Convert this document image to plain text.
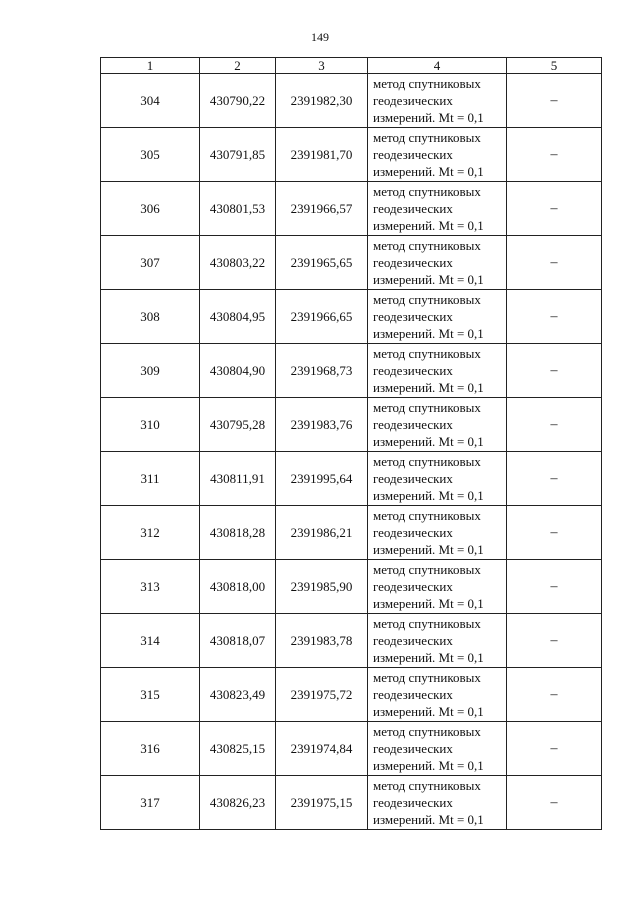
149
1	2	3	4	5
304	430790,22	2391982,30	метод спутниковых
геодезических
измерений. Mt = 0,1	–
305	430791,85	2391981,70	метод спутниковых
геодезических
измерений. Mt = 0,1	–
306	430801,53	2391966,57	метод спутниковых
геодезических
измерений. Mt = 0,1	–
307	430803,22	2391965,65	метод спутниковых
геодезических
измерений. Mt = 0,1	–
308	430804,95	2391966,65	метод спутниковых
геодезических
измерений. Mt = 0,1	–
309	430804,90	2391968,73	метод спутниковых
геодезических
измерений. Mt = 0,1	–
310	430795,28	2391983,76	метод спутниковых
геодезических
измерений. Mt = 0,1	–
311	430811,91	2391995,64	метод спутниковых
геодезических
измерений. Mt = 0,1	–
312	430818,28	2391986,21	метод спутниковых
геодезических
измерений. Mt = 0,1	–
313	430818,00	2391985,90	метод спутниковых
геодезических
измерений. Mt = 0,1	–
314	430818,07	2391983,78	метод спутниковых
геодезических
измерений. Mt = 0,1	–
315	430823,49	2391975,72	метод спутниковых
геодезических
измерений. Mt = 0,1	–
316	430825,15	2391974,84	метод спутниковых
геодезических
измерений. Mt = 0,1	–
317	430826,23	2391975,15	метод спутниковых
геодезических
измерений. Mt = 0,1	–
